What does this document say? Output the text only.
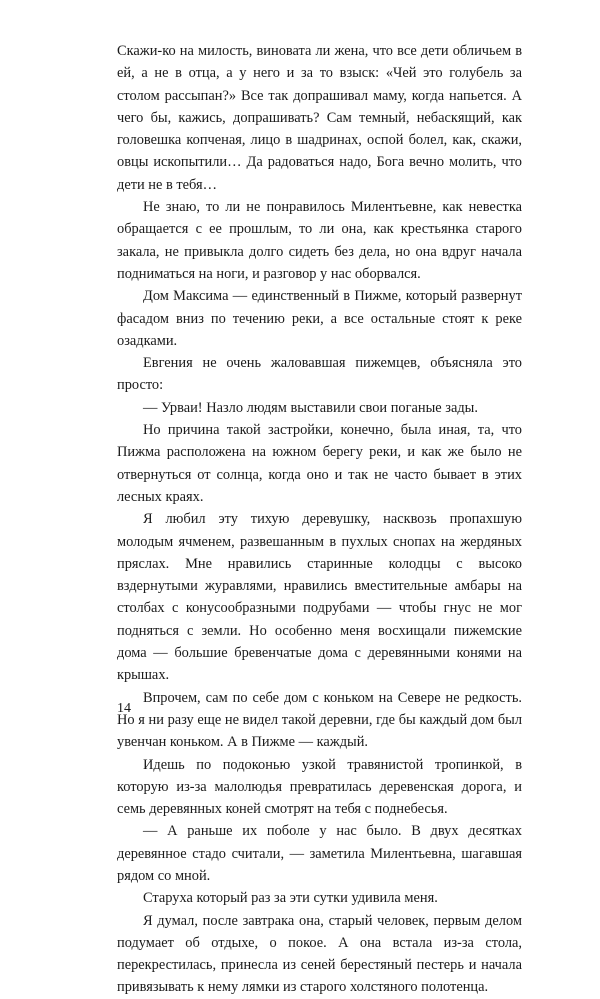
Скажи-ко на милость, виновата ли жена, что все дети обличьем в ей, а не в отца, а у него и за то взыск: «Чей это голубель за столом рассыпан?» Все так допрашивал маму, когда напьется. А чего бы, кажись, допрашивать? Сам темный, небаскящий, как головешка копченая, лицо в шадринах, оспой болел, как, скажи, овцы ископытили… Да радоваться надо, Бога вечно молить, что дети не в тебя…

Не знаю, то ли не понравилось Милентьевне, как невестка обращается с ее прошлым, то ли она, как крестьянка старого закала, не привыкла долго сидеть без дела, но она вдруг начала подниматься на ноги, и разговор у нас оборвался.

Дом Максима — единственный в Пижме, который развернут фасадом вниз по течению реки, а все остальные стоят к реке озадками.

Евгения не очень жаловавшая пижемцев, объясняла это просто:

— Урваи! Назло людям выставили свои поганые зады.

Но причина такой застройки, конечно, была иная, та, что Пижма расположена на южном берегу реки, и как же было не отвернуться от солнца, когда оно и так не часто бывает в этих лесных краях.

Я любил эту тихую деревушку, насквозь пропахшую молодым ячменем, развешанным в пухлых снопах на жердяных пряслах. Мне нравились старинные колодцы с высоко вздернутыми журавлями, нравились вместительные амбары на столбах с конусообразными подрубами — чтобы гнус не мог подняться с земли. Но особенно меня восхищали пижемские дома — большие бревенчатые дома с деревянными конями на крышах.

Впрочем, сам по себе дом с коньком на Севере не редкость. Но я ни разу еще не видел такой деревни, где бы каждый дом был увенчан коньком. А в Пижме — каждый.

Идешь по подоконью узкой травянистой тропинкой, в которую из-за малолюдья превратилась деревенская дорога, и семь деревянных коней смотрят на тебя с поднебесья.

— А раньше их поболе у нас было. В двух десятках деревянное стадо считали, — заметила Милентьевна, шагавшая рядом со мной.

Старуха который раз за эти сутки удивила меня.

Я думал, после завтрака она, старый человек, первым делом подумает об отдыхе, о покое. А она встала из-за стола, перекрестилась, принесла из сеней берестяный пестерь и начала привязывать к нему лямки из старого холстяного полотенца.

14
